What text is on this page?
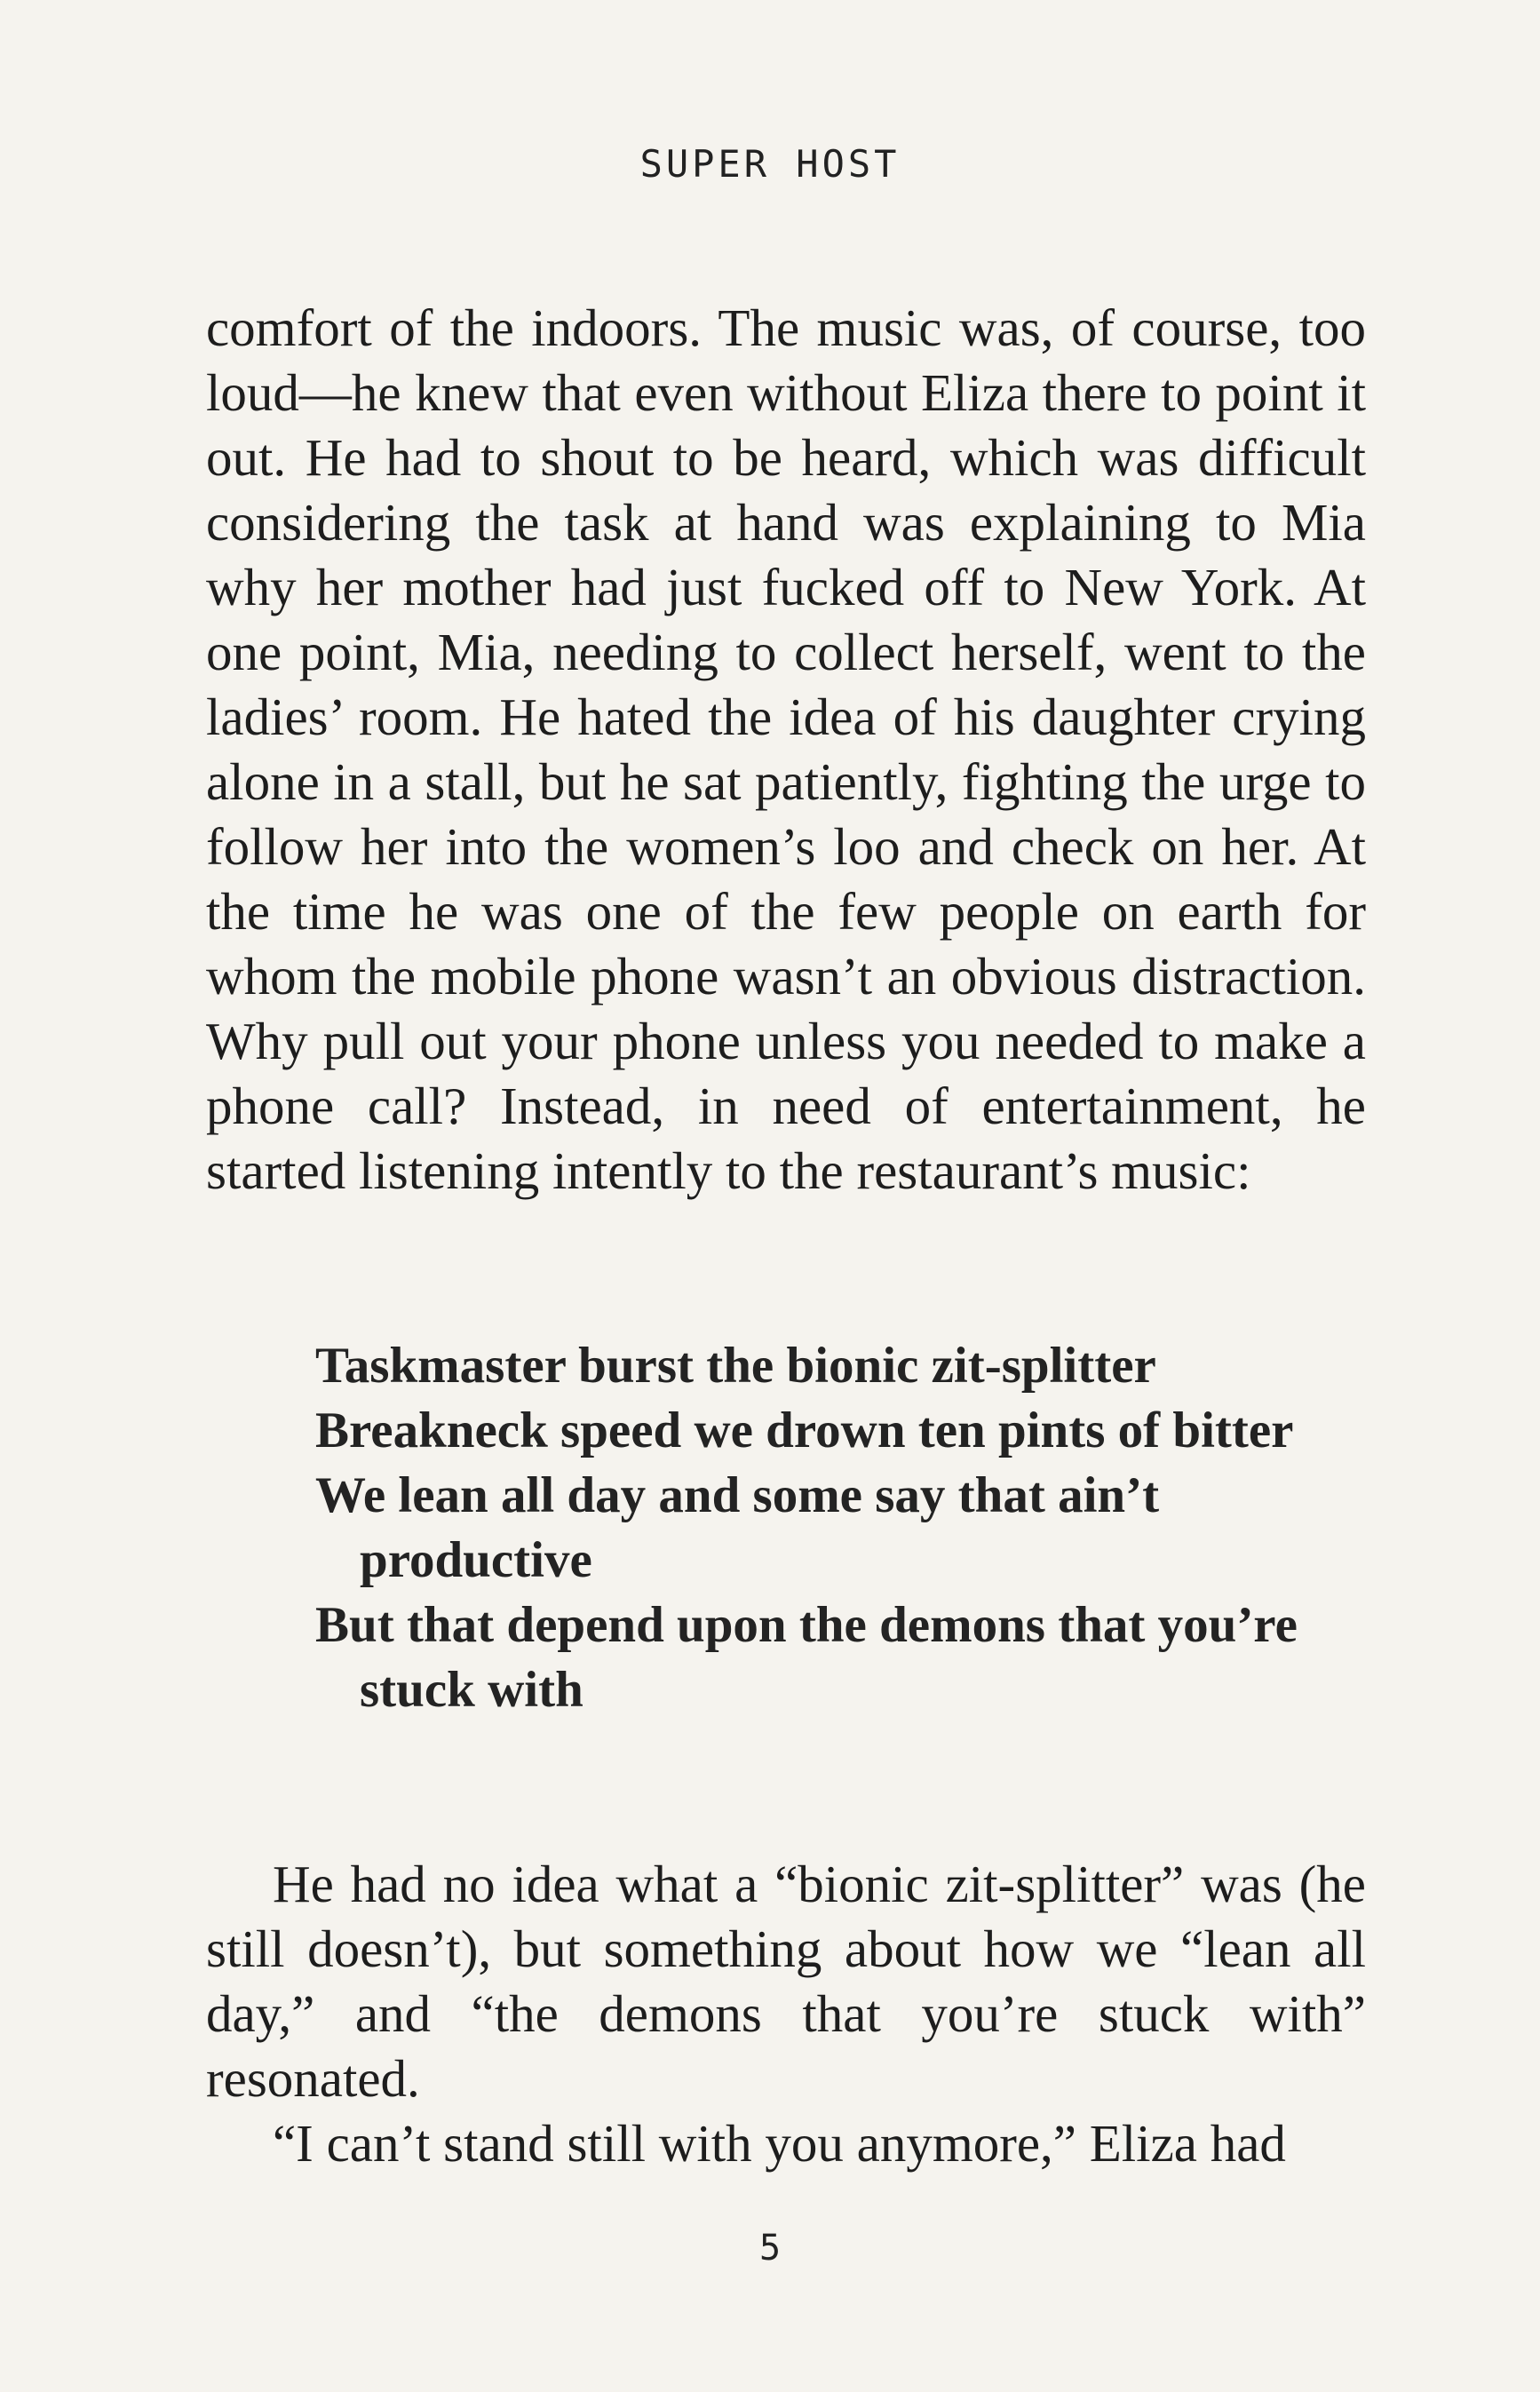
SUPER HOST

comfort of the indoors. The music was, of course, too loud—he knew that even without Eliza there to point it out. He had to shout to be heard, which was difficult considering the task at hand was explaining to Mia why her mother had just fucked off to New York. At one point, Mia, needing to collect herself, went to the ladies’ room. He hated the idea of his daughter crying alone in a stall, but he sat patiently, fighting the urge to follow her into the women’s loo and check on her. At the time he was one of the few people on earth for whom the mobile phone wasn’t an obvious distraction. Why pull out your phone unless you needed to make a phone call? Instead, in need of entertainment, he started listening intently to the restaurant’s music:

Taskmaster burst the bionic zit-splitter

Breakneck speed we drown ten pints of bitter

We lean all day and some say that ain’t productive

But that depend upon the demons that you’re stuck with

He had no idea what a “bionic zit-splitter” was (he still doesn’t), but something about how we “lean all day,” and “the demons that you’re stuck with” resonated.

“I can’t stand still with you anymore,” Eliza had

5
